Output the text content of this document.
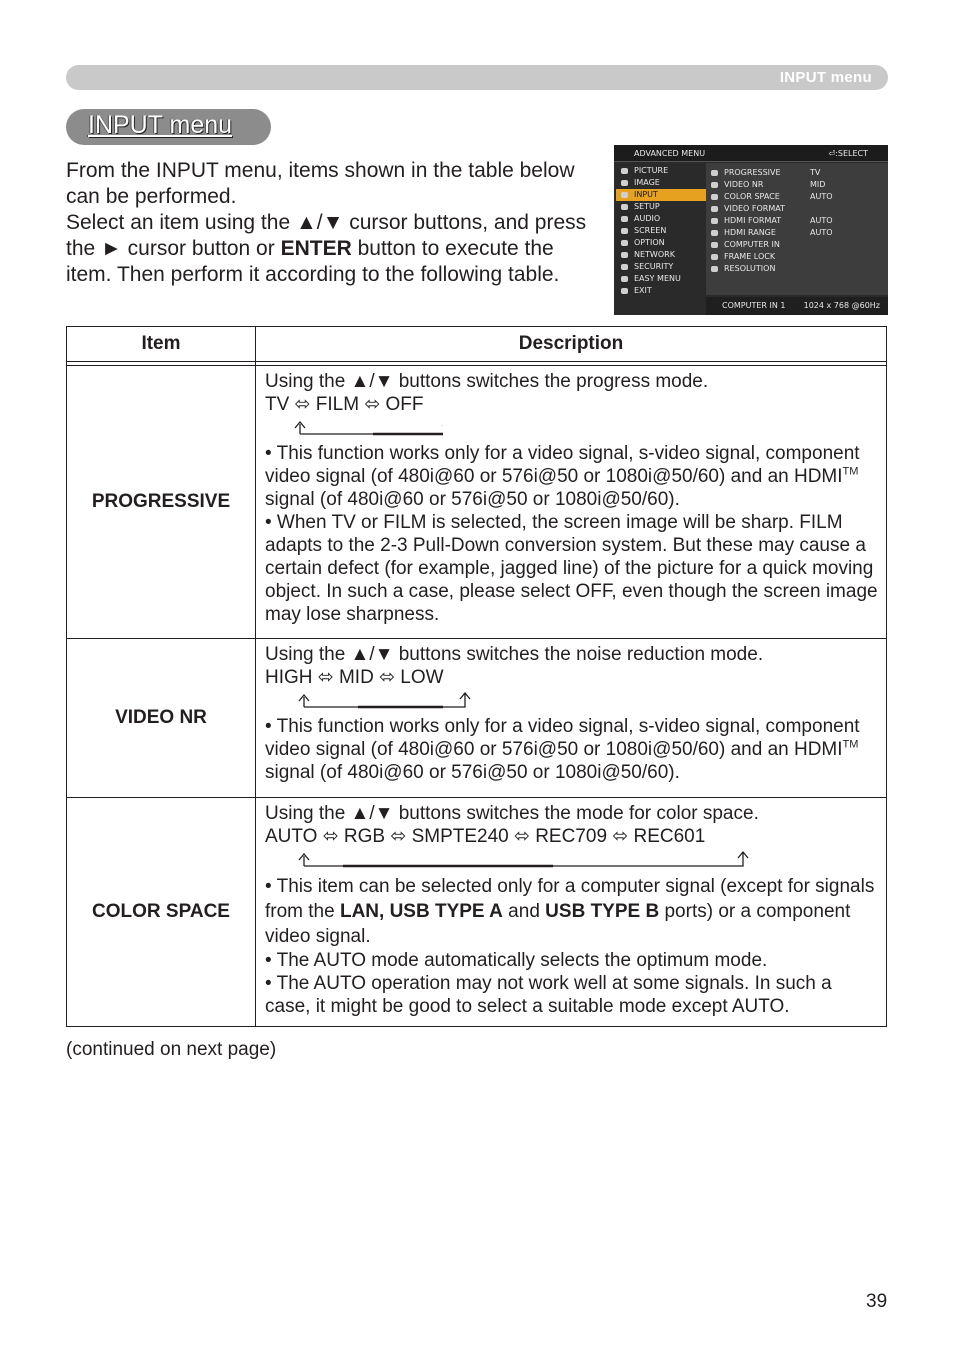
INPUT menu
INPUT menu

From the INPUT menu, items shown in the table below can be performed.

Select an item using the ▲/▼ cursor buttons, and press the ► cursor button or ENTER button to execute the item. Then perform it according to the following table.

ADVANCED MENU	⏎:SELECT
PICTURE
IMAGE
INPUT
SETUP
AUDIO
SCREEN
OPTION
NETWORK
SECURITY
EASY MENU
EXIT
PROGRESSIVE	TV
VIDEO NR	MID
COLOR SPACE	AUTO
VIDEO FORMAT
HDMI FORMAT	AUTO
HDMI RANGE	AUTO
COMPUTER IN
FRAME LOCK
RESOLUTION
COMPUTER IN 1 1024 x 768 @60Hz
Item	Description

PROGRESSIVE	Using the ▲/▼ buttons switches the progress mode.

TV ⬄ FILM ⬄ OFF

• This function works only for a video signal, s-video signal, component video signal (of 480i@60 or 576i@50 or 1080i@50/60) and an HDMI™ signal (of 480i@60 or 576i@50 or 1080i@50/60).

• When TV or FILM is selected, the screen image will be sharp. FILM adapts to the 2-3 Pull-Down conversion system. But these may cause a certain defect (for example, jagged line) of the picture for a quick moving object. In such a case, please select OFF, even though the screen image may lose sharpness.

VIDEO NR	Using the ▲/▼ buttons switches the noise reduction mode.

HIGH ⬄ MID ⬄ LOW

• This function works only for a video signal, s-video signal, component video signal (of 480i@60 or 576i@50 or 1080i@50/60) and an HDMI™ signal (of 480i@60 or 576i@50 or 1080i@50/60).

COLOR SPACE	Using the ▲/▼ buttons switches the mode for color space.

AUTO ⬄ RGB ⬄ SMPTE240 ⬄ REC709 ⬄ REC601

• This item can be selected only for a computer signal (except for signals from the LAN, USB TYPE A and USB TYPE B ports) or a component video signal.

• The AUTO mode automatically selects the optimum mode.

• The AUTO operation may not work well at some signals. In such a case, it might be good to select a suitable mode except AUTO.

(continued on next page)
39
